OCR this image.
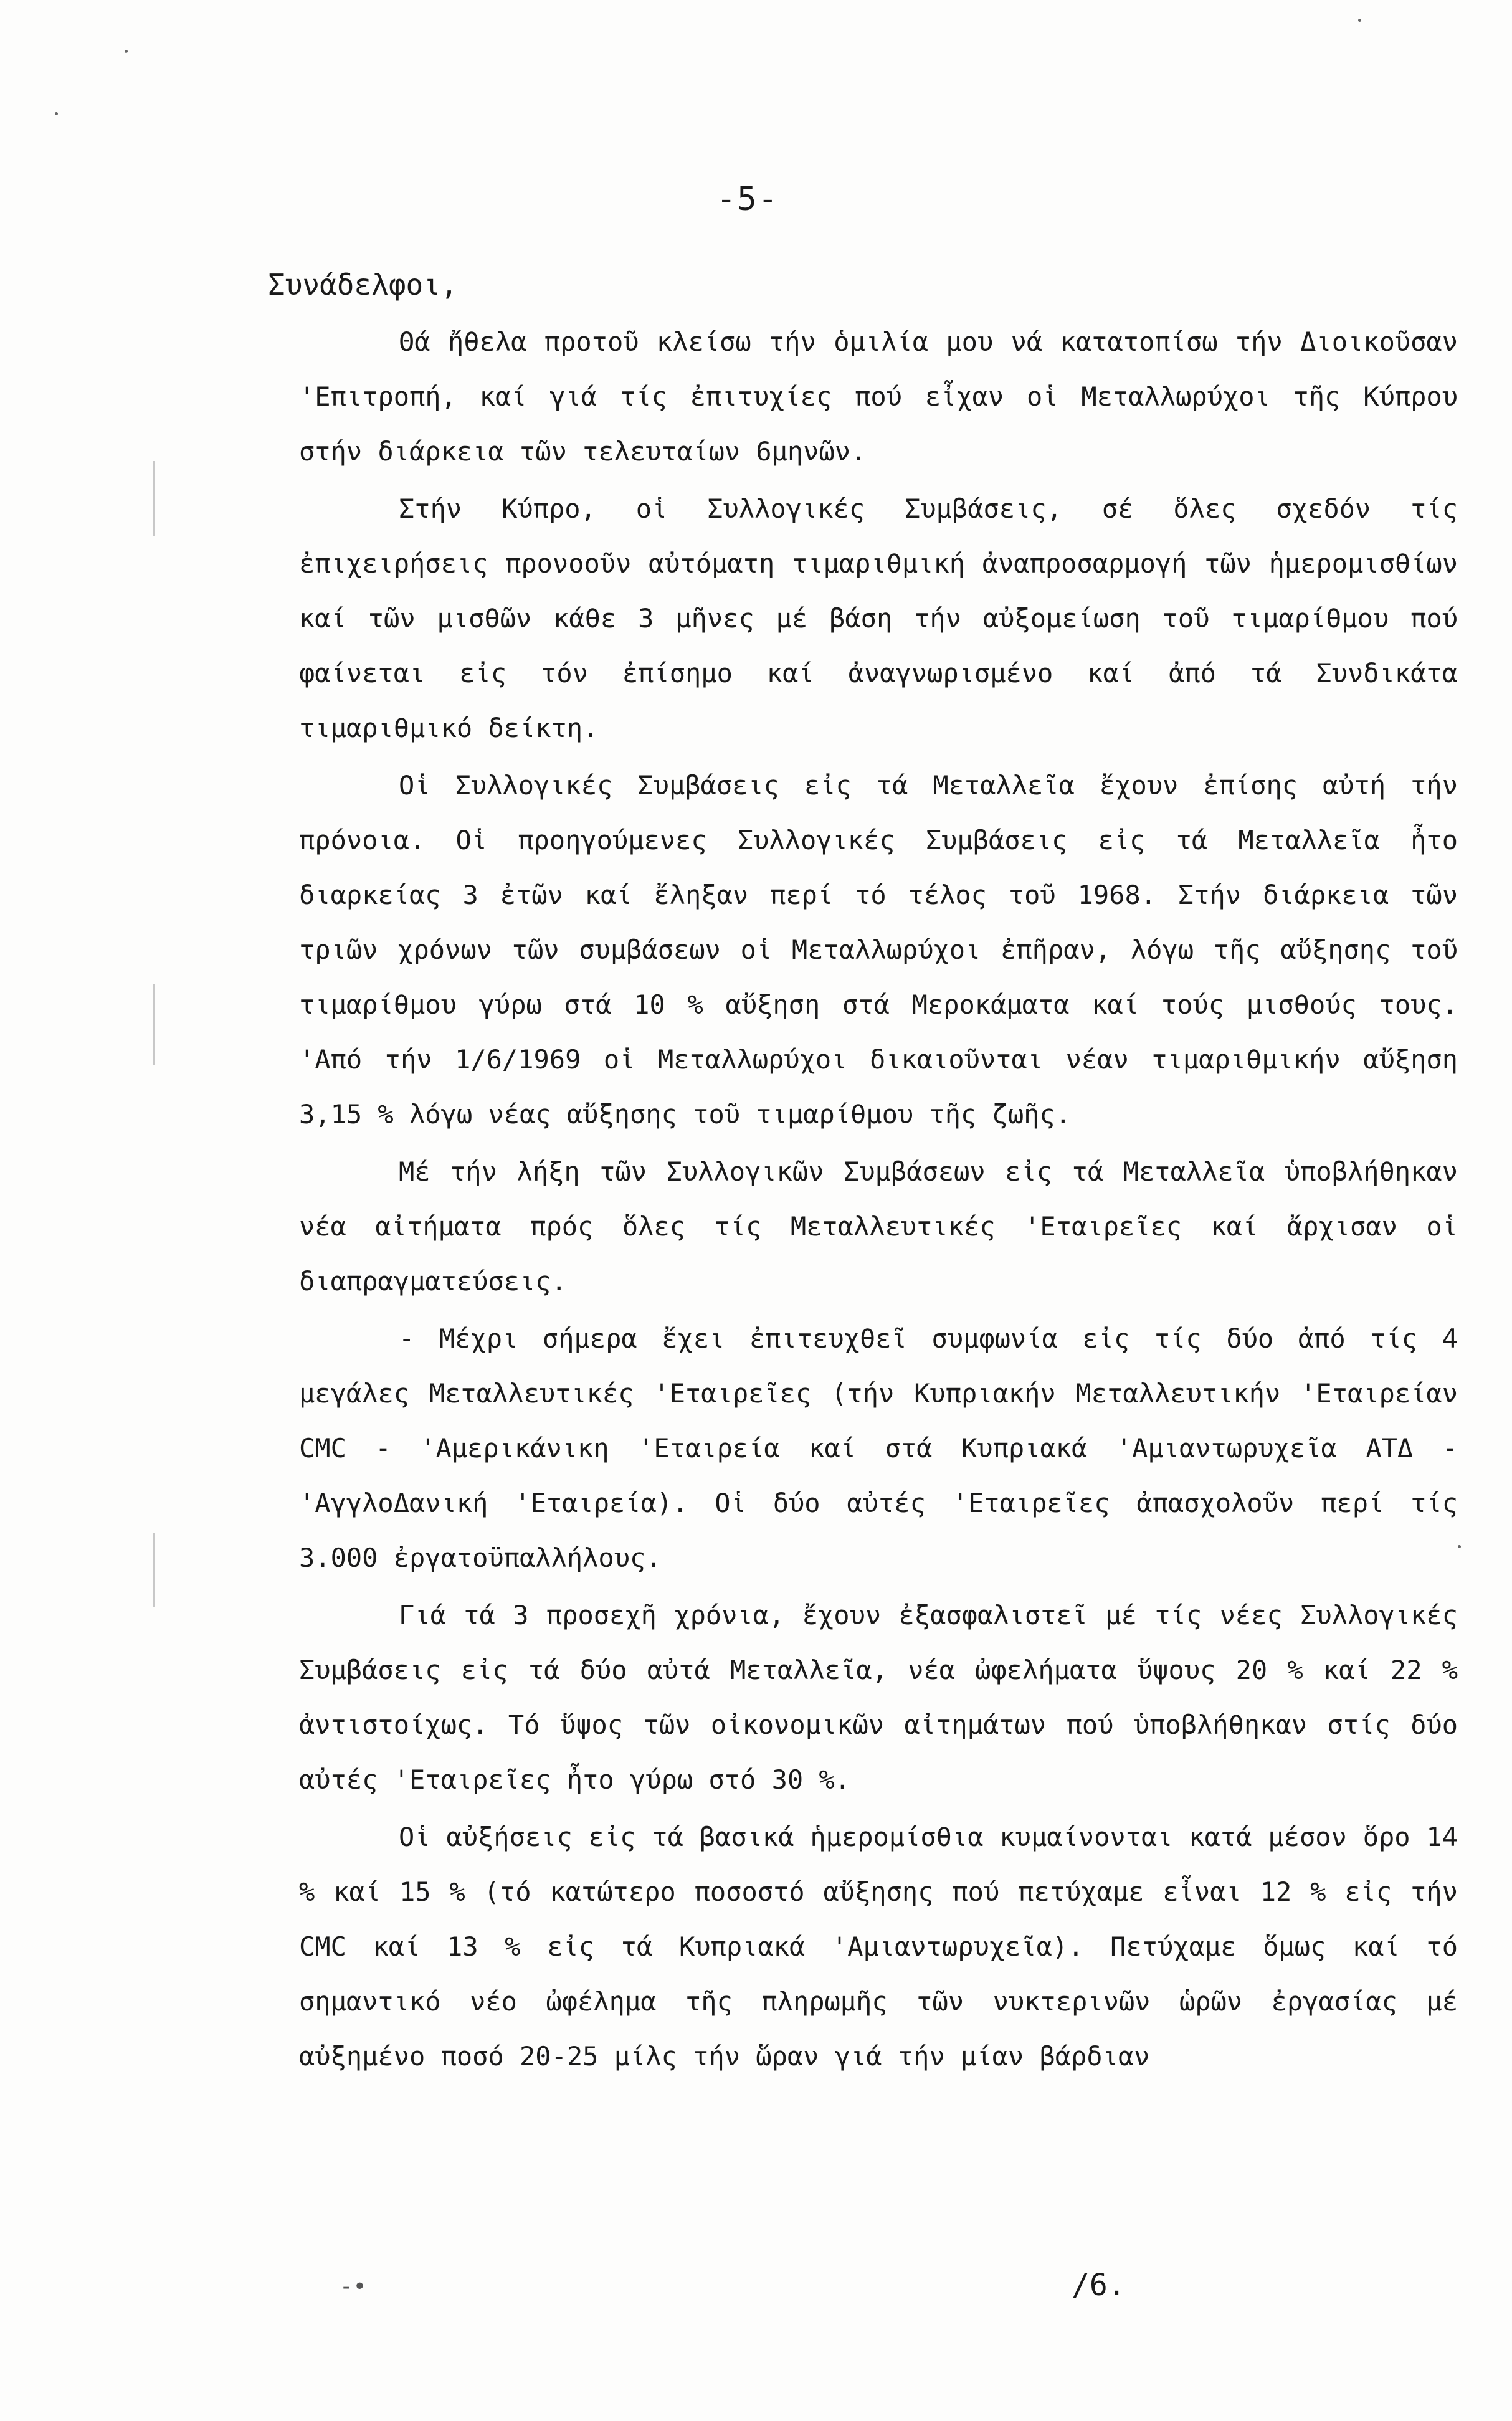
-5-
Συνάδελφοι,

Θά ἤθελα προτοῦ κλείσω τήν ὁμιλία μου νά κατατοπίσω τήν Διοικοῦσαν 'Επιτροπή, καί γιά τίς ἐπιτυχίες πού εἶχαν οἱ Μεταλλωρύχοι τῆς Κύπρου στήν διάρκεια τῶν τελευταίων 6μηνῶν.

Στήν Κύπρο, οἱ Συλλογικές Συμβάσεις, σέ ὅλες σχεδόν τίς ἐπιχειρήσεις προνοοῦν αὐτόματη τιμαριθμική ἀναπροσαρμογή τῶν ἡμερομισθίων καί τῶν μισθῶν κάθε 3 μῆνες μέ βάση τήν αὐξομείωση τοῦ τιμαρίθμου πού φαίνεται εἰς τόν ἐπίσημο καί ἀναγνωρισμένο καί ἀπό τά Συνδικάτα τιμαριθμικό δείκτη.

Οἱ Συλλογικές Συμβάσεις εἰς τά Μεταλλεῖα ἔχουν ἐπίσης αὐτή τήν πρόνοια. Οἱ προηγούμενες Συλλογικές Συμβάσεις εἰς τά Μεταλλεῖα ἦτο διαρκείας 3 ἐτῶν καί ἔληξαν περί τό τέλος τοῦ 1968. Στήν διάρκεια τῶν τριῶν χρόνων τῶν συμβάσεων οἱ Μεταλλωρύχοι ἐπῆραν, λόγω τῆς αὔξησης τοῦ τιμαρίθμου γύρω στά 10 % αὔξηση στά Μεροκάματα καί τούς μισθούς τους. 'Από τήν 1/6/1969 οἱ Μεταλλωρύχοι δικαιοῦνται νέαν τιμαριθμικήν αὔξηση 3,15 % λόγω νέας αὔξησης τοῦ τιμαρίθμου τῆς ζωῆς.

Μέ τήν λήξη τῶν Συλλογικῶν Συμβάσεων εἰς τά Μεταλλεῖα ὑποβλήθηκαν νέα αἰτήματα πρός ὅλες τίς Μεταλλευτικές 'Εταιρεῖες καί ἄρχισαν οἱ διαπραγματεύσεις.

- Μέχρι σήμερα ἔχει ἐπιτευχθεῖ συμφωνία εἰς τίς δύο ἀπό τίς 4 μεγάλες Μεταλλευτικές 'Εταιρεῖες (τήν Κυπριακήν Μεταλλευτικήν 'Εταιρείαν CMC - 'Αμερικάνικη 'Εταιρεία καί στά Κυπριακά 'Αμιαντωρυχεῖα ΑΤΔ - 'ΑγγλοΔανική 'Εταιρεία). Οἱ δύο αὐτές 'Εταιρεῖες ἀπασχολοῦν περί τίς 3.000 ἐργατοϋπαλλήλους.

Γιά τά 3 προσεχῆ χρόνια, ἔχουν ἐξασφαλιστεῖ μέ τίς νέες Συλλογικές Συμβάσεις εἰς τά δύο αὐτά Μεταλλεῖα, νέα ὠφελήματα ὕψους 20 % καί 22 % ἀντιστοίχως. Τό ὕψος τῶν οἰκονομικῶν αἰτημάτων πού ὑποβλήθηκαν στίς δύο αὐτές 'Εταιρεῖες ἦτο γύρω στό 30 %.

Οἱ αὐξήσεις εἰς τά βασικά ἡμερομίσθια κυμαίνονται κατά μέσον ὅρο 14 % καί 15 % (τό κατώτερο ποσοστό αὔξησης πού πετύχαμε εἶναι 12 % εἰς τήν CMC καί 13 % εἰς τά Κυπριακά 'Αμιαντωρυχεῖα). Πετύχαμε ὅμως καί τό σημαντικό νέο ὠφέλημα τῆς πληρωμῆς τῶν νυκτερινῶν ὡρῶν ἐργασίας μέ αὐξημένο ποσό 20-25 μίλς τήν ὥραν γιά τήν μίαν βάρδιαν

-•	/6.
